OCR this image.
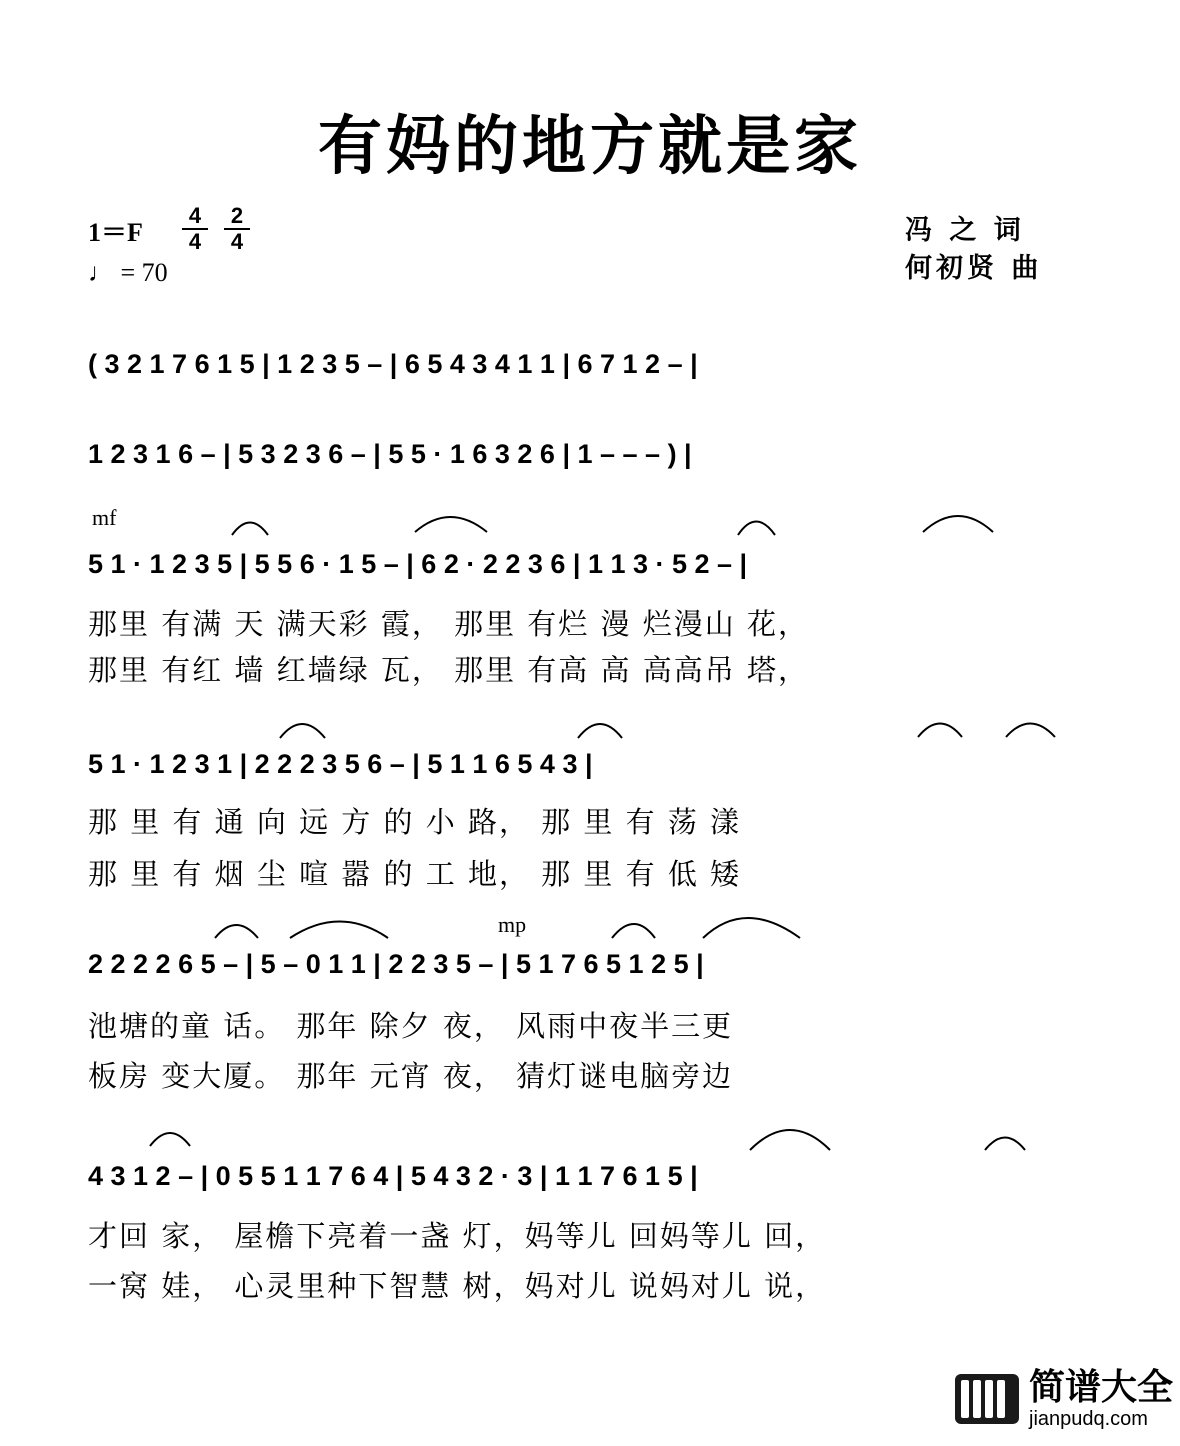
有妈的地方就是家
1＝F
4
4
2
4
♩ = 70
冯 之 词
何初贤 曲
( 3 2 1 7 6 1 5 | 1 2 3 5 – | 6 5 4 3 4 1 1 | 6 7 1 2 – |
1 2 3 1 6 – | 5 3 2 3 6 – | 5 5 · 1 6 3 2 6 | 1 – – – ) |
mf
5 1 · 1 2 3 5 | 5 5 6 · 1 5 – | 6 2 · 2 2 3 6 | 1 1 3 · 5 2 – |
那里 有满 天 满天彩 霞， 那里 有烂 漫 烂漫山 花，
那里 有红 墙 红墙绿 瓦， 那里 有高 高 高高吊 塔，
5 1 · 1 2 3 1 | 2 2 2 3 5 6 – | 5 1 1 6 5 4 3 |
那 里 有 通 向 远 方 的 小 路， 那 里 有 荡 漾
那 里 有 烟 尘 喧 嚣 的 工 地， 那 里 有 低 矮
mp
2 2 2 2 6 5 – | 5 – 0 1 1 | 2 2 3 5 – | 5 1 7 6 5 1 2 5 |
池塘的童 话。 那年 除夕 夜， 风雨中夜半三更
板房 变大厦。 那年 元宵 夜， 猜灯谜电脑旁边
4 3 1 2 – | 0 5 5 1 1 7 6 4 | 5 4 3 2 · 3 | 1 1 7 6 1 5 |
才回 家， 屋檐下亮着一盏 灯，妈等儿 回妈等儿 回，
一窝 娃， 心灵里种下智慧 树，妈对儿 说妈对儿 说，
简谱大全
jianpudq.com
